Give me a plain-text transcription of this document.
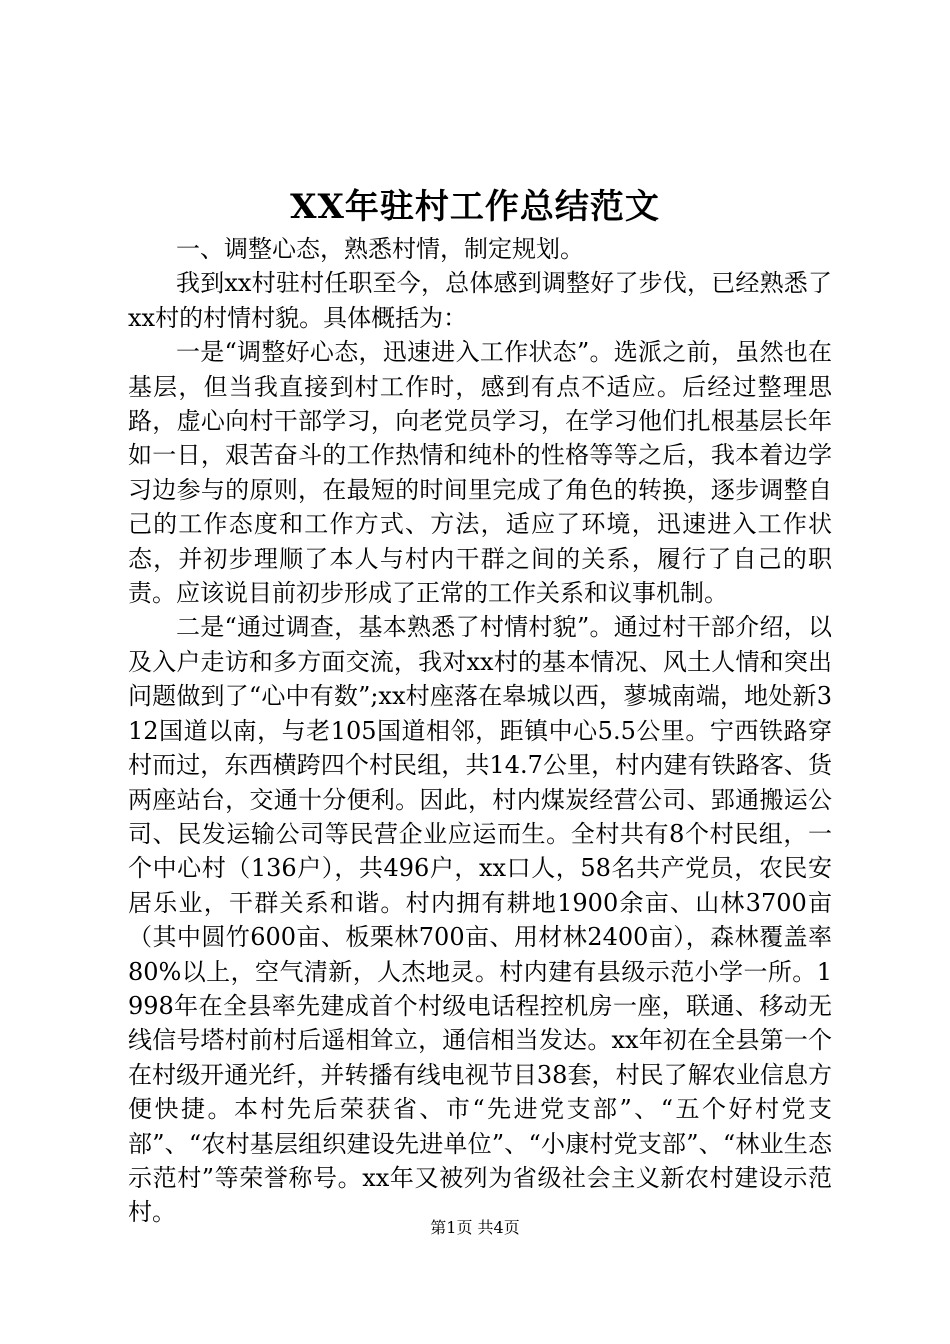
XX年驻村工作总结范文

一、调整心态，熟悉村情，制定规划。

我到xx村驻村任职至今，总体感到调整好了步伐，已经熟悉了xx村的村情村貌。具体概括为：

一是“调整好心态，迅速进入工作状态”。选派之前，虽然也在基层，但当我直接到村工作时，感到有点不适应。后经过整理思路，虚心向村干部学习，向老党员学习，在学习他们扎根基层长年如一日，艰苦奋斗的工作热情和纯朴的性格等等之后，我本着边学习边参与的原则，在最短的时间里完成了角色的转换，逐步调整自己的工作态度和工作方式、方法，适应了环境，迅速进入工作状态，并初步理顺了本人与村内干群之间的关系，履行了自己的职责。应该说目前初步形成了正常的工作关系和议事机制。

二是“通过调查，基本熟悉了村情村貌”。通过村干部介绍，以及入户走访和多方面交流，我对xx村的基本情况、风土人情和突出问题做到了“心中有数”;xx村座落在皋城以西，蓼城南端，地处新312国道以南，与老105国道相邻，距镇中心5.5公里。宁西铁路穿村而过，东西横跨四个村民组，共14.7公里，村内建有铁路客、货两座站台，交通十分便利。因此，村内煤炭经营公司、郢通搬运公司、民发运输公司等民营企业应运而生。全村共有8个村民组，一个中心村（136户），共496户，xx口人，58名共产党员，农民安居乐业，干群关系和谐。村内拥有耕地1900余亩、山林3700亩（其中圆竹600亩、板栗林700亩、用材林2400亩），森林覆盖率80%以上，空气清新，人杰地灵。村内建有县级示范小学一所。1998年在全县率先建成首个村级电话程控机房一座，联通、移动无线信号塔村前村后遥相耸立，通信相当发达。xx年初在全县第一个在村级开通光纤，并转播有线电视节目38套，村民了解农业信息方便快捷。本村先后荣获省、市“先进党支部”、“五个好村党支部”、“农村基层组织建设先进单位”、“小康村党支部”、“林业生态示范村”等荣誉称号。xx年又被列为省级社会主义新农村建设示范村。

第1页 共4页
